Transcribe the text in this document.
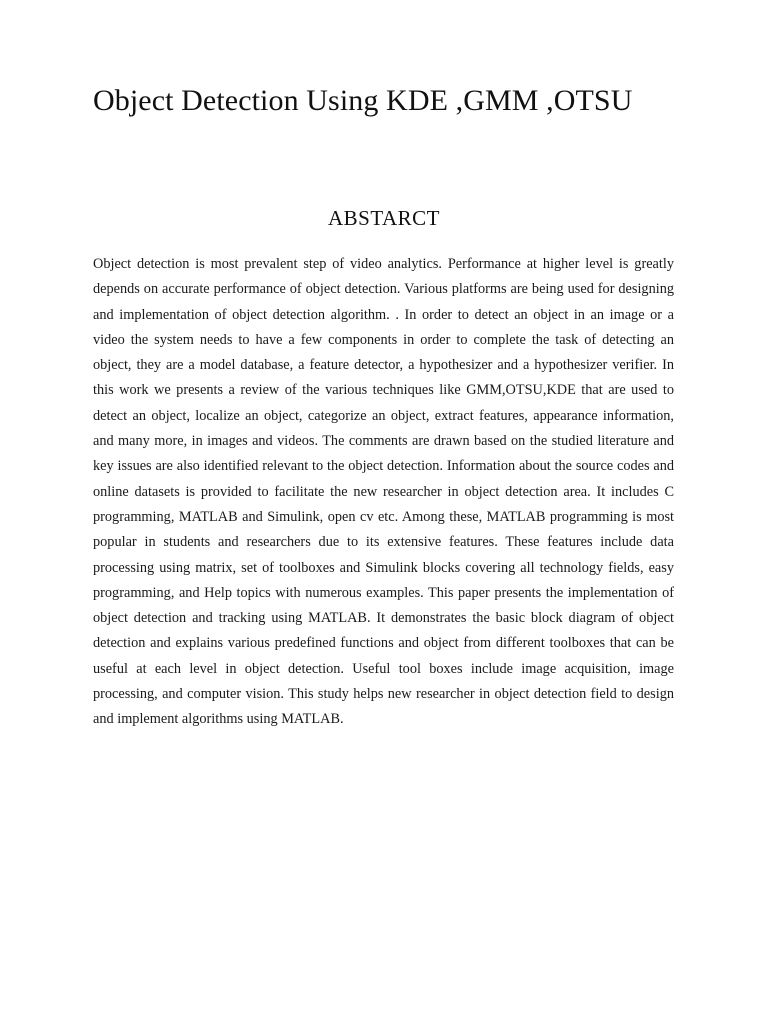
Object Detection Using KDE ,GMM ,OTSU
ABSTARCT

Object detection is most prevalent step of video analytics. Performance at higher level is greatly depends on accurate performance of object detection. Various platforms are being used for designing and implementation of object detection algorithm. . In order to detect an object in an image or a video the system needs to have a few components in order to complete the task of detecting an object, they are a model database, a feature detector, a hypothesizer and a hypothesizer verifier. In this work we presents a review of the various techniques like GMM,OTSU,KDE that are used to detect an object, localize an object, categorize an object, extract features, appearance information, and many more, in images and videos. The comments are drawn based on the studied literature and key issues are also identified relevant to the object detection. Information about the source codes and online datasets is provided to facilitate the new researcher in object detection area. It includes C programming, MATLAB and Simulink, open cv etc. Among these, MATLAB programming is most popular in students and researchers due to its extensive features. These features include data processing using matrix, set of toolboxes and Simulink blocks covering all technology fields, easy programming, and Help topics with numerous examples. This paper presents the implementation of object detection and tracking using MATLAB. It demonstrates the basic block diagram of object detection and explains various predefined functions and object from different toolboxes that can be useful at each level in object detection. Useful tool boxes include image acquisition, image processing, and computer vision. This study helps new researcher in object detection field to design and implement algorithms using MATLAB.
